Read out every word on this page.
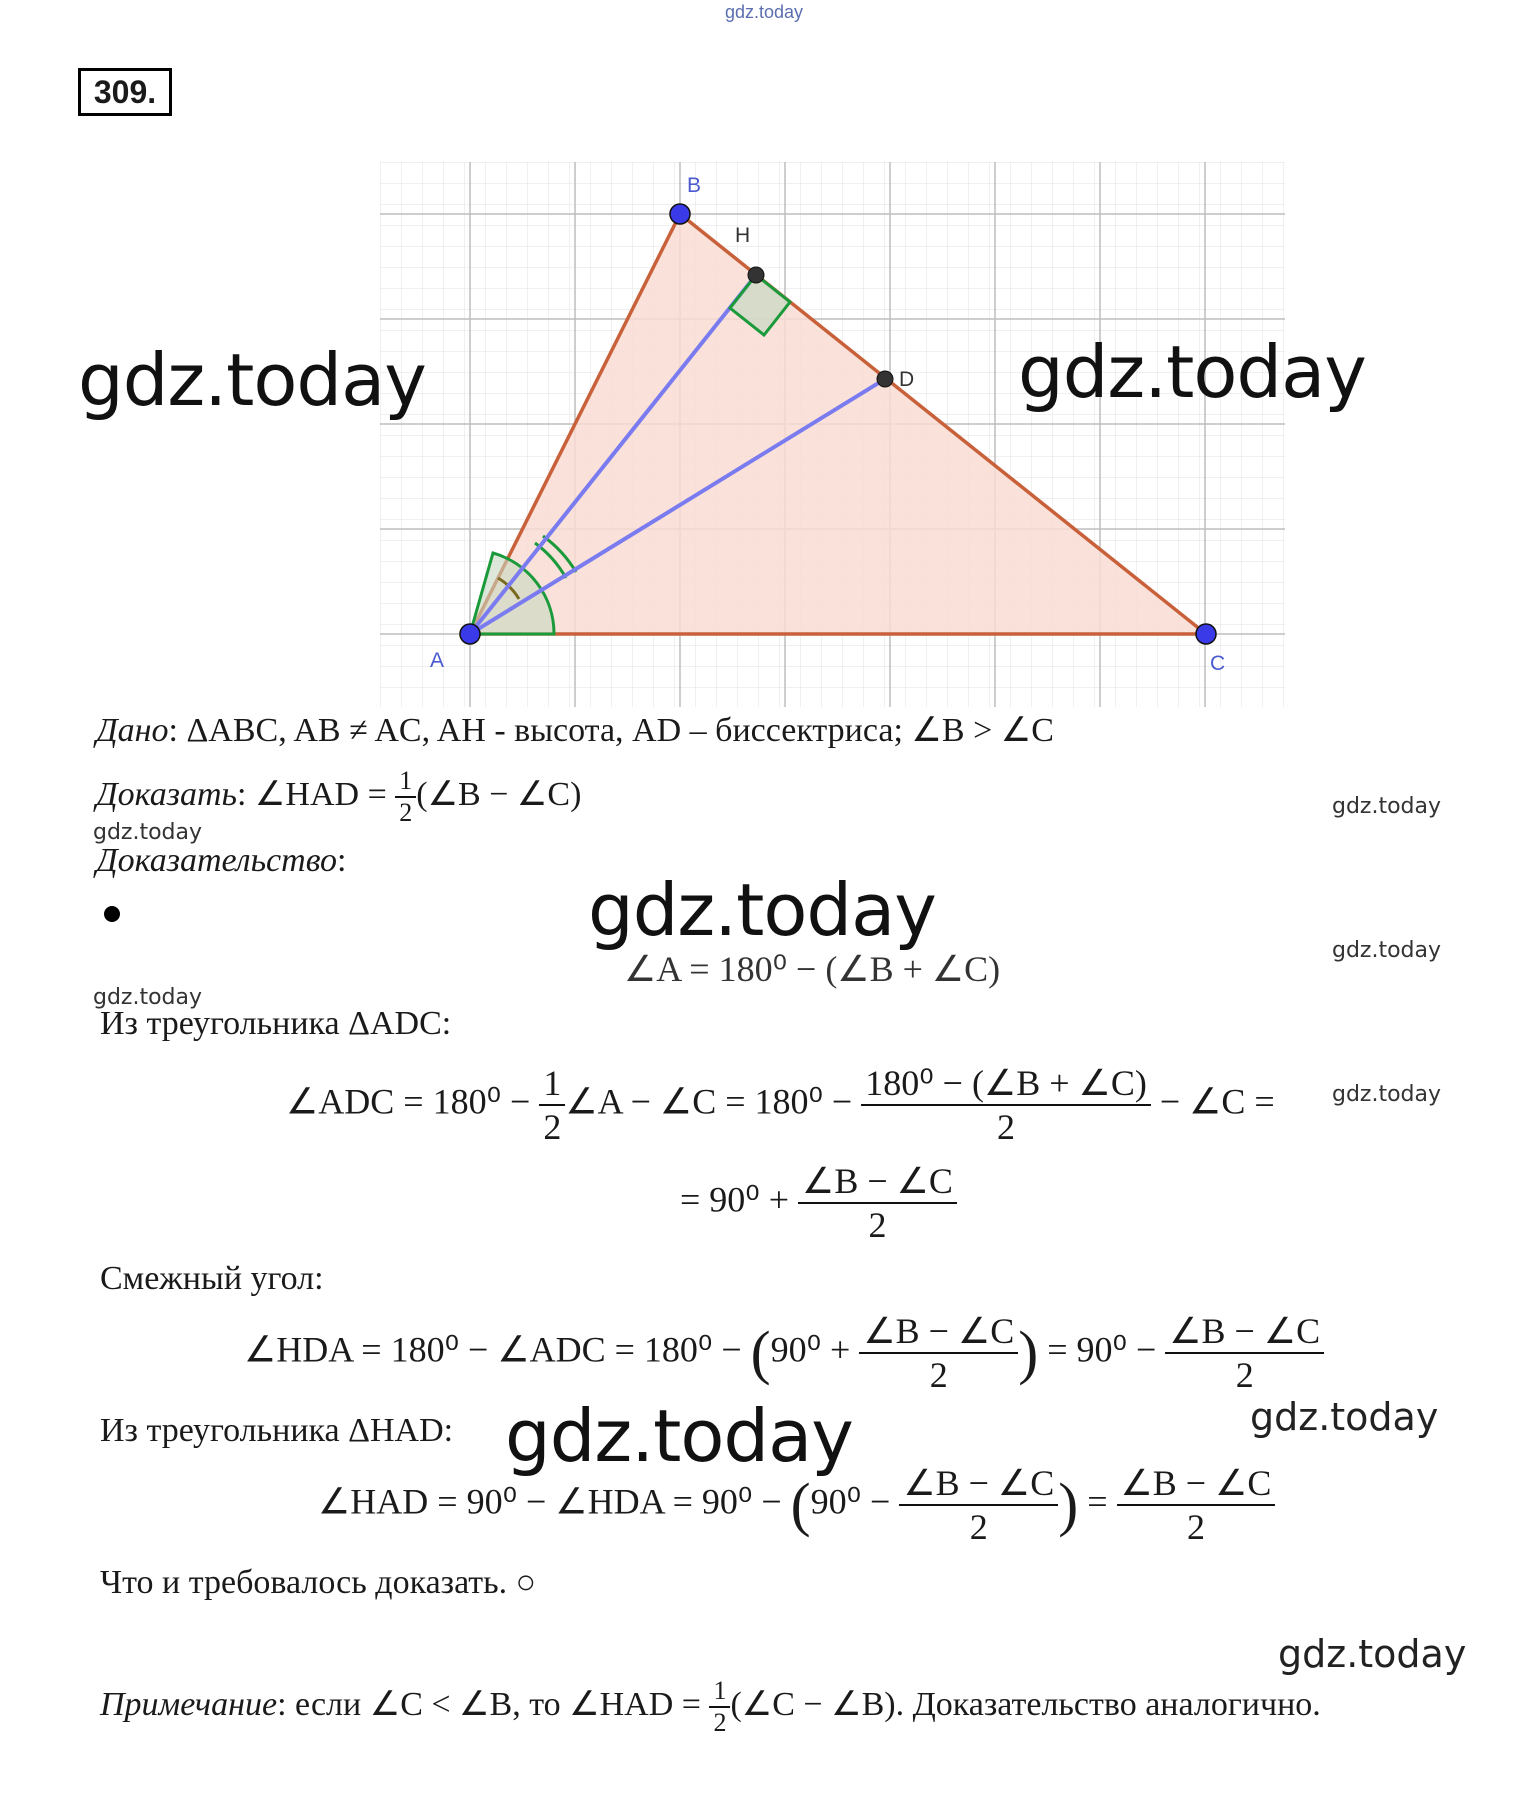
gdz.today
309.
A
B
C
H
D
gdz.today	gdz.today
Дано: ΔABC, AB ≠ AC, AH - высота, AD – биссектриса; ∠B > ∠C
Доказать: ∠HAD = $\frac{1}{2}$ (∠B − ∠C)	gdz.today
gdz.today
Доказательство:
gdz.today
∠A = 180⁰ − (∠B + ∠C)	gdz.today
gdz.today
Из треугольника ΔADC:
∠ADC = $180^0 - \frac{1}{2}$ ∠A − ∠C = $180^0 - \frac{\text{180⁰ − (∠B + ∠C)}}{2}$ − ∠C =	gdz.today
= $90^0 + \frac{\angle B - \angle C}{2}$
Смежный угол:
∠HDA = 180⁰ − ∠ADC = $180^0 - (90^0 + \frac{\angle B - \angle C}{2}$ ) = $90^0 - \frac{\angle B - \angle C}{2}$
gdz.today
Из треугольника ΔHAD: gdz.today
∠HAD = 90⁰ − ∠HDA = $90^0 - (90^0 - \frac{\angle B - \angle C}{2}$ ) = $\frac{\angle B - \angle C}{2}$
Что и требовалось доказать. ○
gdz.today
Примечание: если ∠C < ∠B, то ∠HAD = $\frac{1}{2}$ (∠C − ∠B). Доказательство аналогично.
